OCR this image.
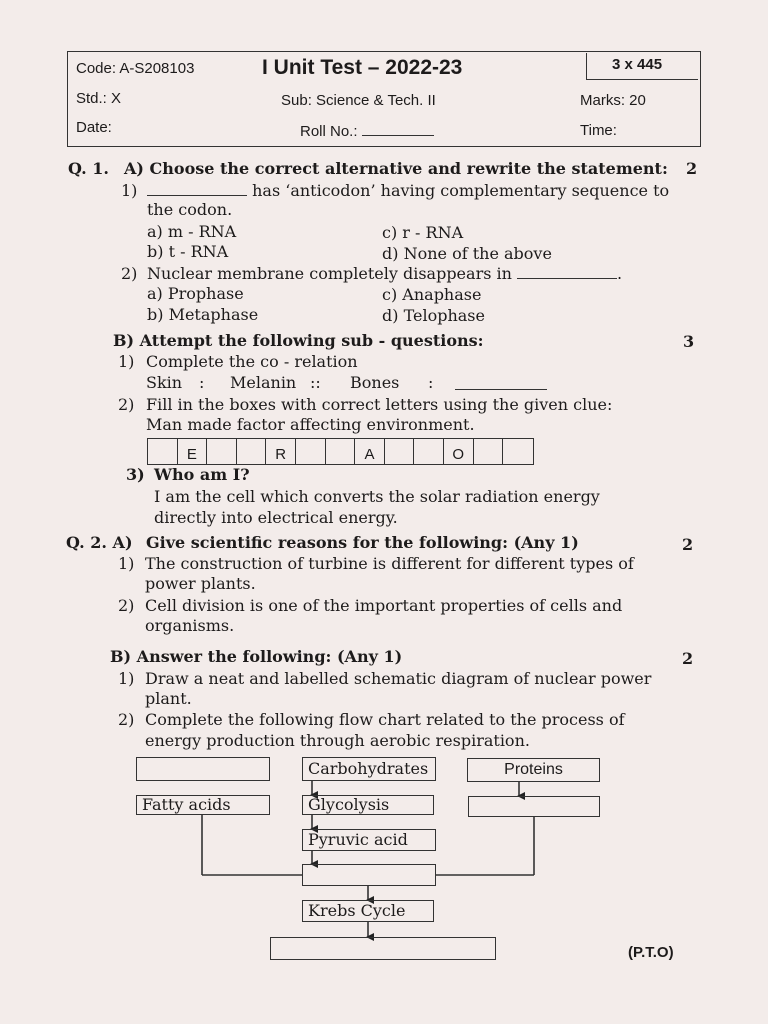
Code: A-S208103	I Unit Test – 2022-23	3 x 445
Std.: X	Sub: Science & Tech. II	Marks: 20
Date:	Roll No.:	Time:
Q. 1. A) Choose the correct alternative and rewrite the statement: 2
1)	has ‘anticodon’ having complementary sequence to
the codon.
a) m - RNA	c) r - RNA
b) t - RNA	d) None of the above
2) Nuclear membrane completely disappears in	.
a) Prophase	c) Anaphase
b) Metaphase	d) Telophase
B) Attempt the following sub - questions:	3
1) Complete the co - relation
Skin : Melanin :: Bones :
2) Fill in the boxes with correct letters using the given clue:
Man made factor affecting environment.
E	R	A	O
3) Who am I?
I am the cell which converts the solar radiation energy
directly into electrical energy.
Q. 2. A) Give scientific reasons for the following: (Any 1)	2
1) The construction of turbine is different for different types of
power plants.
2) Cell division is one of the important properties of cells and
organisms.
B) Answer the following: (Any 1)	2
1) Draw a neat and labelled schematic diagram of nuclear power
plant.
2) Complete the following flow chart related to the process of
energy production through aerobic respiration.
Carbohydrates	Proteins
Fatty acids	Glycolysis
Pyruvic acid
Krebs Cycle
(P.T.O)
